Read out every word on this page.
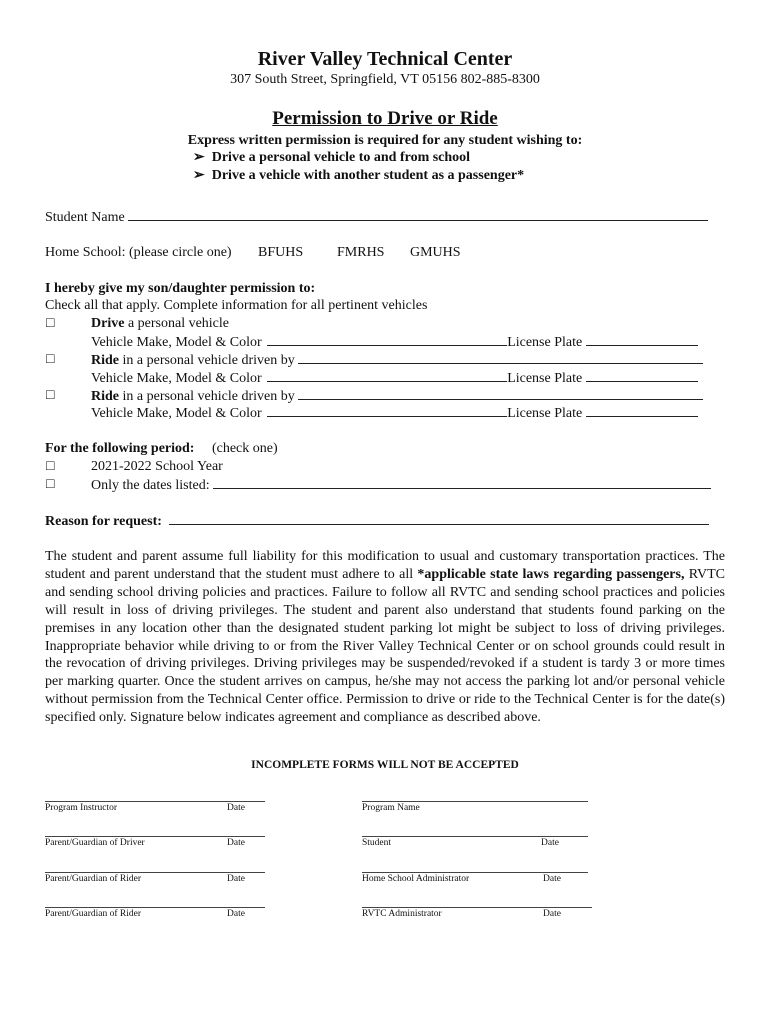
River Valley Technical Center
307 South Street, Springfield, VT 05156 802-885-8300
Permission to Drive or Ride
Express written permission is required for any student wishing to:
➢ Drive a personal vehicle to and from school
➢ Drive a vehicle with another student as a passenger*
Student Name
Home School: (please circle one) BFUHS FMRHS GMUHS
I hereby give my son/daughter permission to:
Check all that apply. Complete information for all pertinent vehicles
□	Drive a personal vehicle
Vehicle Make, Model & Color	License Plate
□	Ride in a personal vehicle driven by
Vehicle Make, Model & Color	License Plate
□	Ride in a personal vehicle driven by
Vehicle Make, Model & Color	License Plate
For the following period: (check one)
□	2021-2022 School Year
□	Only the dates listed:
Reason for request:
The student and parent assume full liability for this modification to usual and customary transportation practices. The student and parent understand that the student must adhere to all *applicable state laws regarding passengers, RVTC and sending school driving policies and practices. Failure to follow all RVTC and sending school practices and policies will result in loss of driving privileges. The student and parent also understand that students found parking on the premises in any location other than the designated student parking lot might be subject to loss of driving privileges. Inappropriate behavior while driving to or from the River Valley Technical Center or on school grounds could result in the revocation of driving privileges. Driving privileges may be suspended/revoked if a student is tardy 3 or more times per marking quarter. Once the student arrives on campus, he/she may not access the parking lot and/or personal vehicle without permission from the Technical Center office. Permission to drive or ride to the Technical Center is for the date(s) specified only. Signature below indicates agreement and compliance as described above.
INCOMPLETE FORMS WILL NOT BE ACCEPTED
Program Instructor	Date	Program Name
Parent/Guardian of Driver	Date	Student	Date
Parent/Guardian of Rider	Date	Home School Administrator	Date
Parent/Guardian of Rider	Date	RVTC Administrator	Date
